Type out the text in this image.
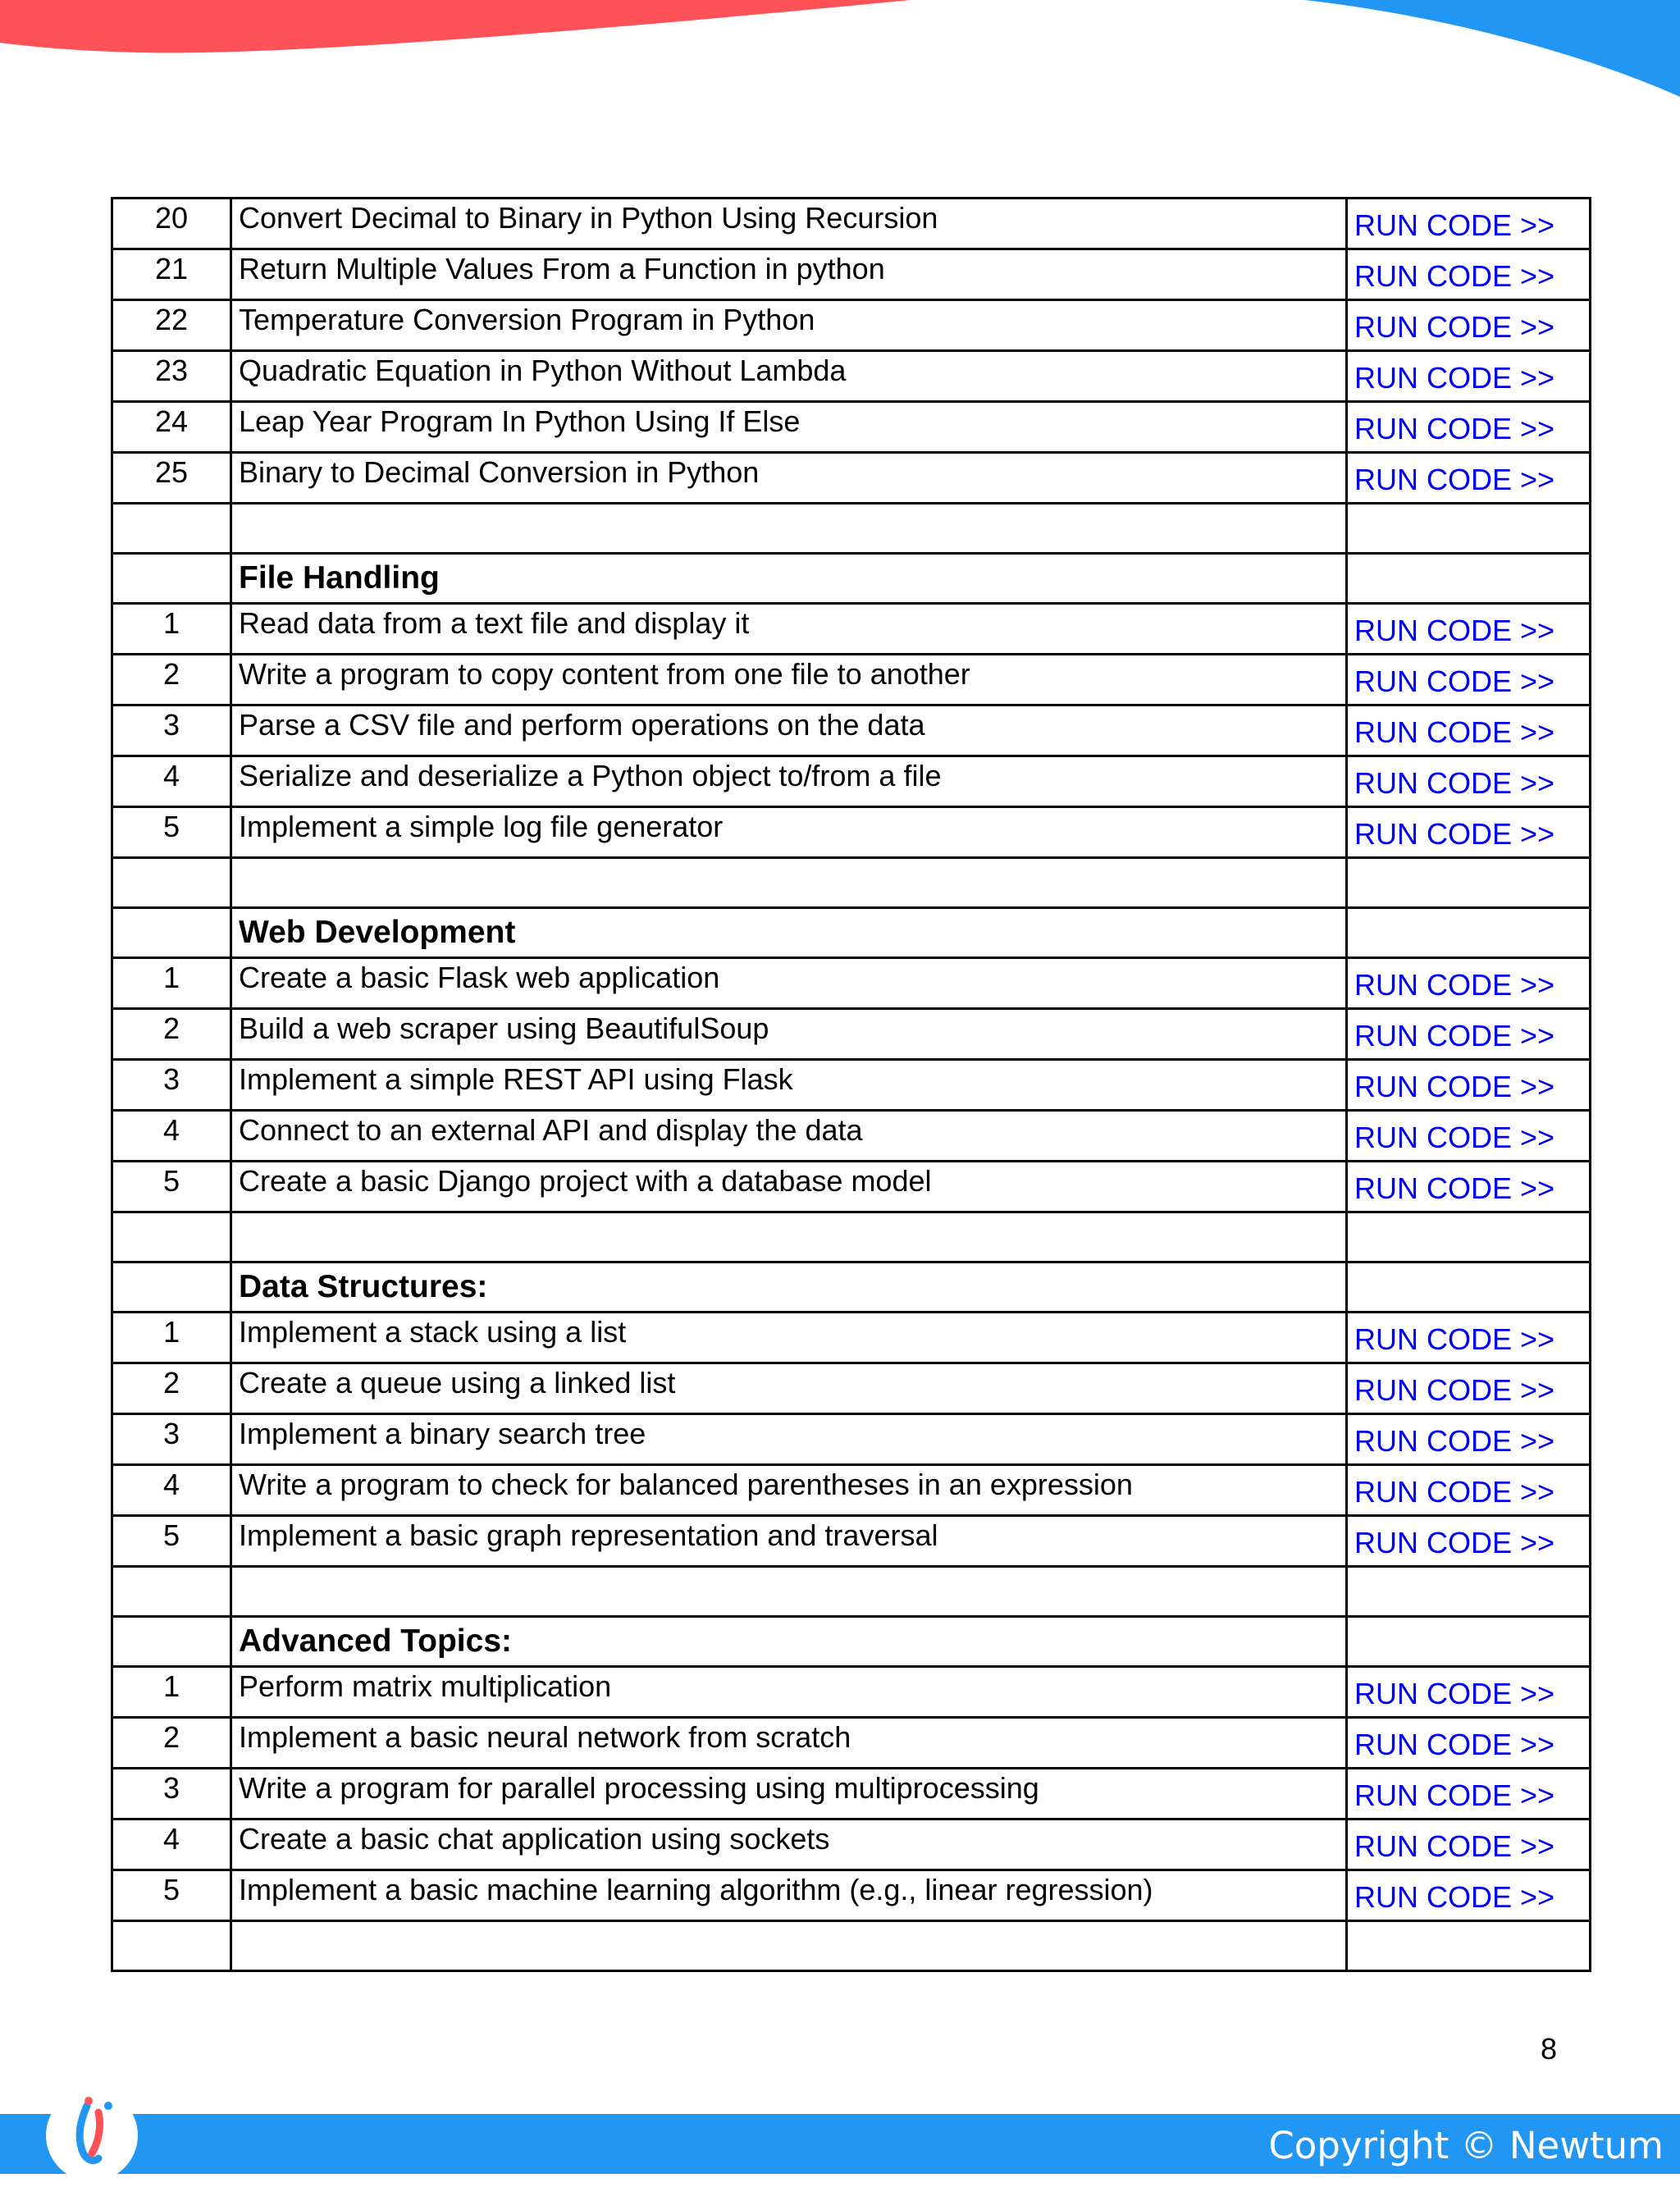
20	Convert Decimal to Binary in Python Using Recursion	RUN CODE >>
21	Return Multiple Values From a Function in python	RUN CODE >>
22	Temperature Conversion Program in Python	RUN CODE >>
23	Quadratic Equation in Python Without Lambda	RUN CODE >>
24	Leap Year Program In Python Using If Else	RUN CODE >>
25	Binary to Decimal Conversion in Python	RUN CODE >>

	File Handling	
1	Read data from a text file and display it	RUN CODE >>
2	Write a program to copy content from one file to another	RUN CODE >>
3	Parse a CSV file and perform operations on the data	RUN CODE >>
4	Serialize and deserialize a Python object to/from a file	RUN CODE >>
5	Implement a simple log file generator	RUN CODE >>

	Web Development	
1	Create a basic Flask web application	RUN CODE >>
2	Build a web scraper using BeautifulSoup	RUN CODE >>
3	Implement a simple REST API using Flask	RUN CODE >>
4	Connect to an external API and display the data	RUN CODE >>
5	Create a basic Django project with a database model	RUN CODE >>

	Data Structures:	
1	Implement a stack using a list	RUN CODE >>
2	Create a queue using a linked list	RUN CODE >>
3	Implement a binary search tree	RUN CODE >>
4	Write a program to check for balanced parentheses in an expression	RUN CODE >>
5	Implement a basic graph representation and traversal	RUN CODE >>

	Advanced Topics:	
1	Perform matrix multiplication	RUN CODE >>
2	Implement a basic neural network from scratch	RUN CODE >>
3	Write a program for parallel processing using multiprocessing	RUN CODE >>
4	Create a basic chat application using sockets	RUN CODE >>
5	Implement a basic machine learning algorithm (e.g., linear regression)	RUN CODE >>

8
Copyright © Newtum
